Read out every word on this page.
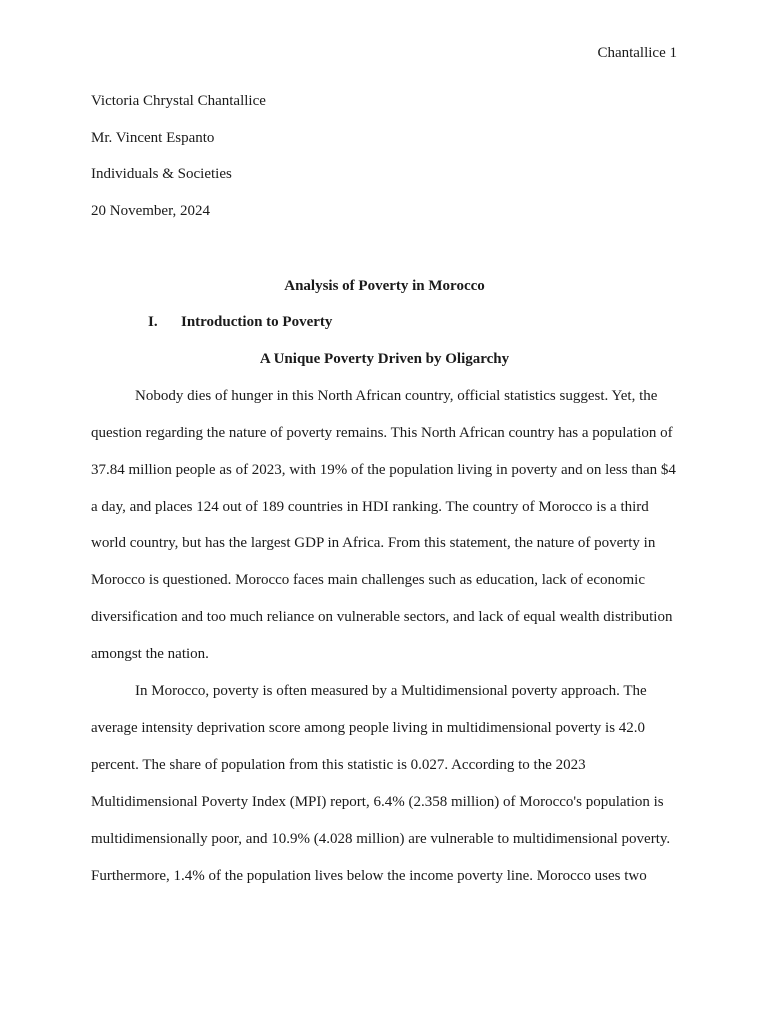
Chantallice 1
Victoria Chrystal Chantallice
Mr. Vincent Espanto
Individuals & Societies
20 November, 2024
Analysis of Poverty in Morocco
I. Introduction to Poverty
A Unique Poverty Driven by Oligarchy

Nobody dies of hunger in this North African country, official statistics suggest. Yet, the question regarding the nature of poverty remains. This North African country has a population of 37.84 million people as of 2023, with 19% of the population living in poverty and on less than $4 a day, and places 124 out of 189 countries in HDI ranking. The country of Morocco is a third world country, but has the largest GDP in Africa. From this statement, the nature of poverty in Morocco is questioned. Morocco faces main challenges such as education, lack of economic diversification and too much reliance on vulnerable sectors, and lack of equal wealth distribution amongst the nation.

In Morocco, poverty is often measured by a Multidimensional poverty approach. The average intensity deprivation score among people living in multidimensional poverty is 42.0 percent. The share of population from this statistic is 0.027. According to the 2023 Multidimensional Poverty Index (MPI) report, 6.4% (2.358 million) of Morocco's population is multidimensionally poor, and 10.9% (4.028 million) are vulnerable to multidimensional poverty. Furthermore, 1.4% of the population lives below the income poverty line. Morocco uses two
